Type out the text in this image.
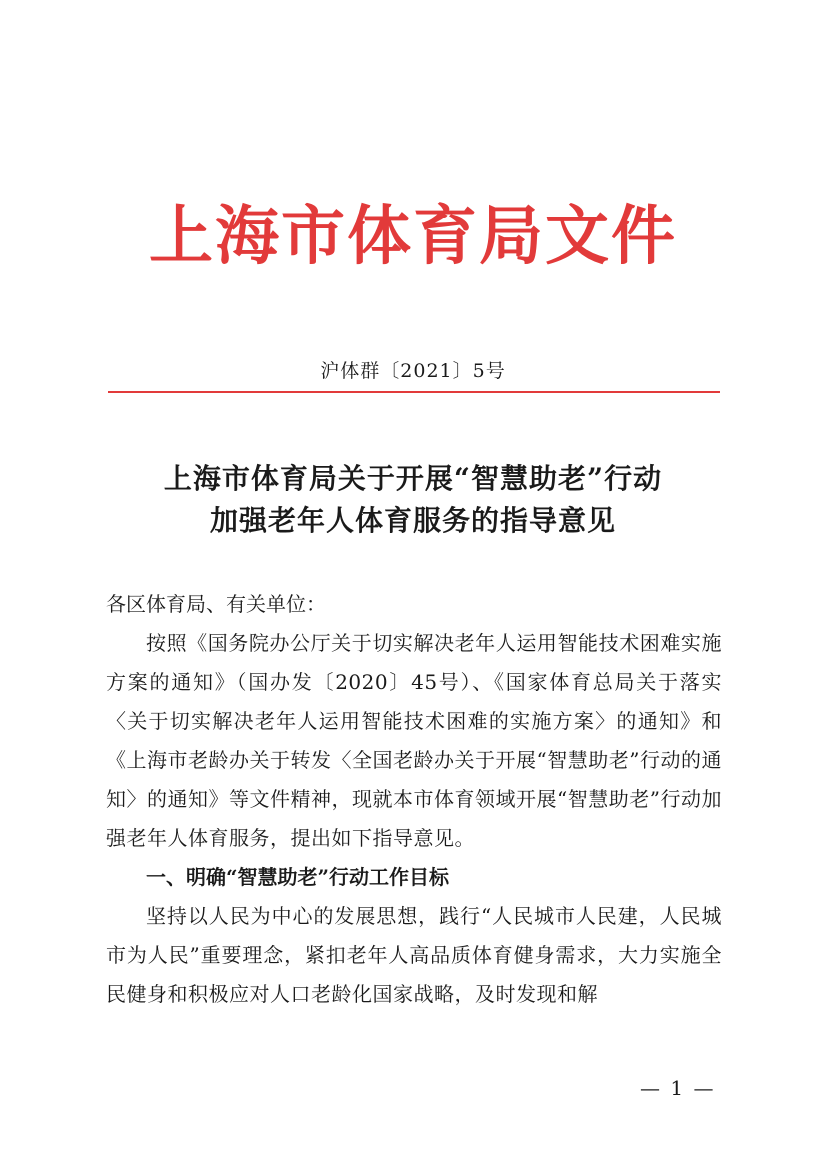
上海市体育局文件
沪体群〔2021〕5号
上海市体育局关于开展“智慧助老”行动
加强老年人体育服务的指导意见

各区体育局、有关单位：

按照《国务院办公厅关于切实解决老年人运用智能技术困难实施方案的通知》（国办发〔2020〕45号）、《国家体育总局关于落实〈关于切实解决老年人运用智能技术困难的实施方案〉的通知》和《上海市老龄办关于转发〈全国老龄办关于开展“智慧助老”行动的通知〉的通知》等文件精神，现就本市体育领域开展“智慧助老”行动加强老年人体育服务，提出如下指导意见。

一、明确“智慧助老”行动工作目标

坚持以人民为中心的发展思想，践行“人民城市人民建，人民城市为人民”重要理念，紧扣老年人高品质体育健身需求，大力实施全民健身和积极应对人口老龄化国家战略，及时发现和解

— 1 —
